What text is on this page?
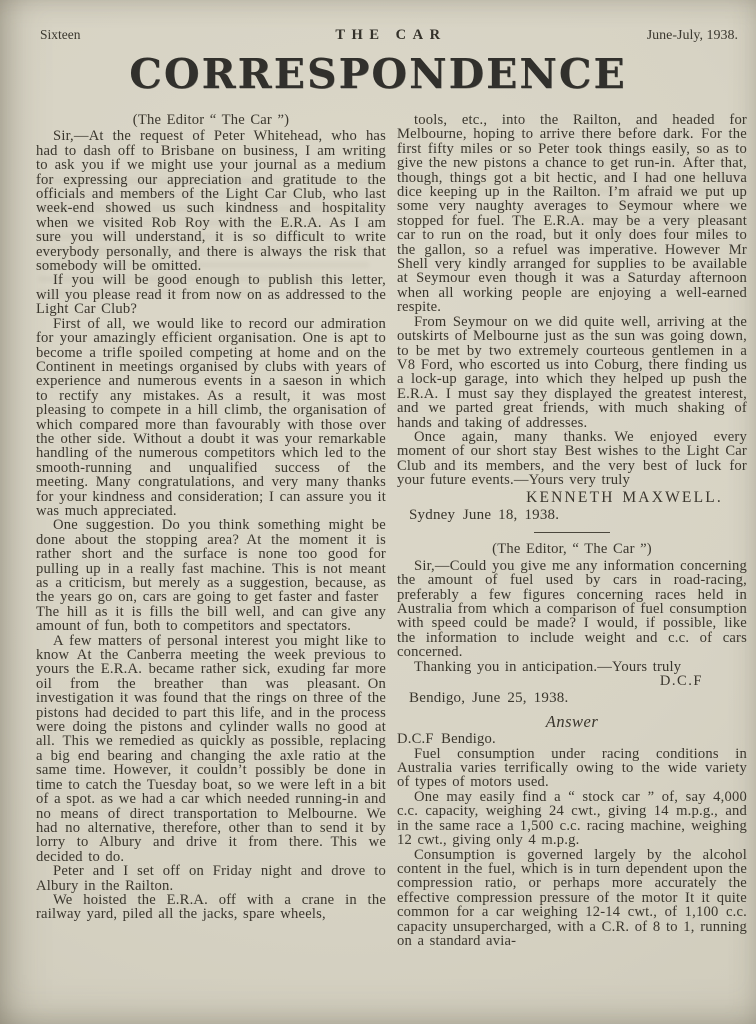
Sixteen	THE CAR	June-July, 1938.
CORRESPONDENCE

(The Editor “ The Car ”)

Sir,—At the request of Peter Whitehead, who has had to dash off to Brisbane on business, I am writing to ask you if we might use your journal as a medium for expressing our appreciation and gratitude to the officials and members of the Light Car Club, who last week-end showed us such kindness and hospitality when we visited Rob Roy with the E.R.A. As I am sure you will understand, it is so difficult to write everybody personally, and there is always the risk that somebody will be omitted.

If you will be good enough to publish this letter, will you please read it from now on as addressed to the Light Car Club?

First of all, we would like to record our admiration for your amazingly efficient organisation. One is apt to become a trifle spoiled competing at home and on the Continent in meetings organised by clubs with years of experience and numerous events in a saeson in which to rectify any mistakes. As a result, it was most pleasing to compete in a hill climb, the organisation of which compared more than favourably with those over the other side. Without a doubt it was your remarkable handling of the numerous competitors which led to the smooth-running and unqualified success of the meeting. Many congratulations, and very many thanks for your kindness and consideration; I can assure you it was much appreciated.

One suggestion. Do you think something might be done about the stopping area? At the moment it is rather short and the surface is none too good for pulling up in a really fast machine. This is not meant as a criticism, but merely as a suggestion, because, as the years go on, cars are going to get faster and faster The hill as it is fills the bill well, and can give any amount of fun, both to competitors and spectators.

A few matters of personal interest you might like to know At the Canberra meeting the week previous to yours the E.R.A. became rather sick, exuding far more oil from the breather than was pleasant. On investigation it was found that the rings on three of the pistons had decided to part this life, and in the process were doing the pistons and cylinder walls no good at all. This we remedied as quickly as possible, replacing a big end bearing and changing the axle ratio at the same time. However, it couldn’t possibly be done in time to catch the Tuesday boat, so we were left in a bit of a spot. as we had a car which needed running-in and no means of direct transportation to Melbourne. We had no alternative, therefore, other than to send it by lorry to Albury and drive it from there. This we decided to do.

Peter and I set off on Friday night and drove to Albury in the Railton.

We hoisted the E.R.A. off with a crane in the railway yard, piled all the jacks, spare wheels,

tools, etc., into the Railton, and headed for Melbourne, hoping to arrive there before dark. For the first fifty miles or so Peter took things easily, so as to give the new pistons a chance to get run-in. After that, though, things got a bit hectic, and I had one helluva dice keeping up in the Railton. I’m afraid we put up some very naughty averages to Seymour where we stopped for fuel. The E.R.A. may be a very pleasant car to run on the road, but it only does four miles to the gallon, so a refuel was imperative. However Mr Shell very kindly arranged for supplies to be available at Seymour even though it was a Saturday afternoon when all working people are enjoying a well-earned respite.

From Seymour on we did quite well, arriving at the outskirts of Melbourne just as the sun was going down, to be met by two extremely courteous gentlemen in a V8 Ford, who escorted us into Coburg, there finding us a lock-up garage, into which they helped up push the E.R.A. I must say they displayed the greatest interest, and we parted great friends, with much shaking of hands and taking of addresses.

Once again, many thanks. We enjoyed every moment of our short stay Best wishes to the Light Car Club and its members, and the very best of luck for your future events.—Yours very truly

KENNETH MAXWELL.

Sydney June 18, 1938.

(The Editor, “ The Car ”)

Sir,—Could you give me any information concerning the amount of fuel used by cars in road-racing, preferably a few figures concerning races held in Australia from which a comparison of fuel consumption with speed could be made? I would, if possible, like the information to include weight and c.c. of cars concerned.

Thanking you in anticipation.—Yours truly

D.C.F

Bendigo, June 25, 1938.

Answer

D.C.F Bendigo.

Fuel consumption under racing conditions in Australia varies terrifically owing to the wide variety of types of motors used.

One may easily find a “ stock car ” of, say 4,000 c.c. capacity, weighing 24 cwt., giving 14 m.p.g., and in the same race a 1,500 c.c. racing machine, weighing 12 cwt., giving only 4 m.p.g.

Consumption is governed largely by the alcohol content in the fuel, which is in turn dependent upon the compression ratio, or perhaps more accurately the effective compression pressure of the motor It it quite common for a car weighing 12-14 cwt., of 1,100 c.c. capacity unsupercharged, with a C.R. of 8 to 1, running on a standard avia-
